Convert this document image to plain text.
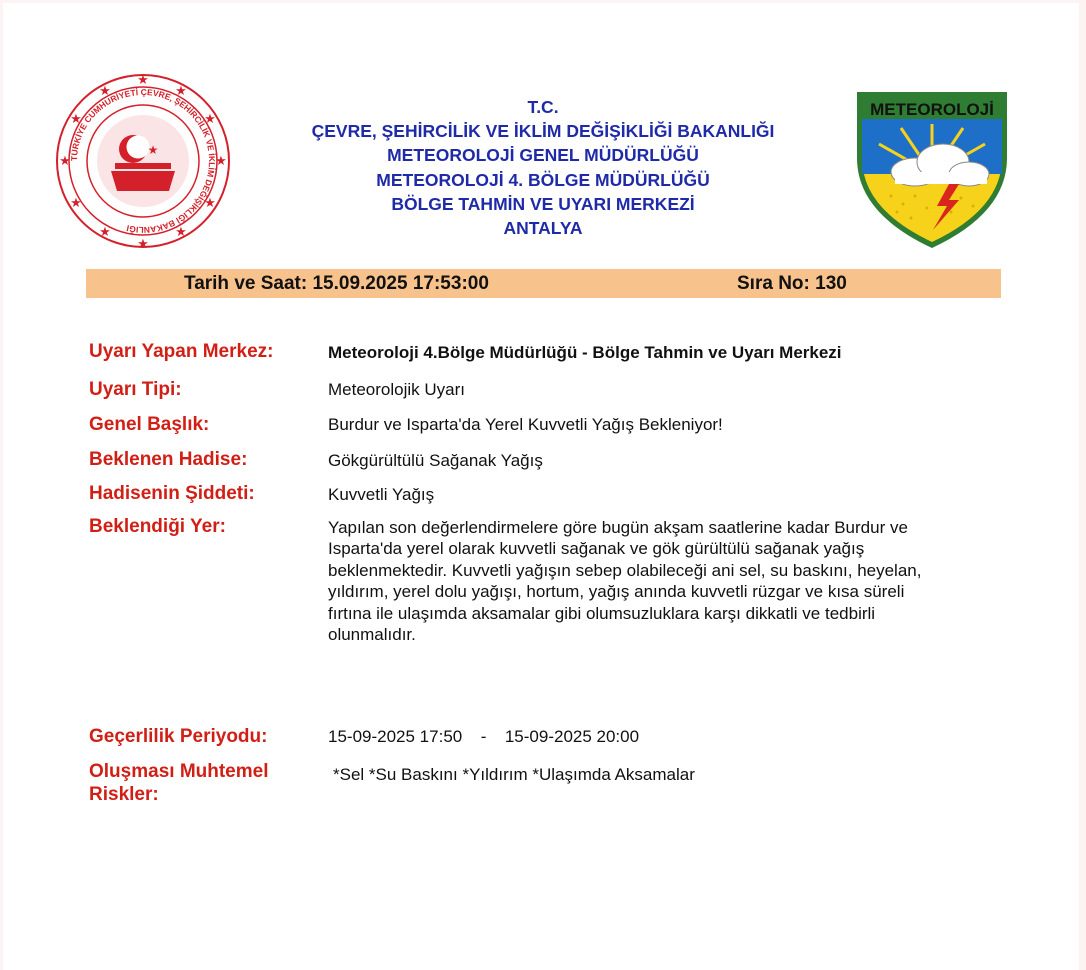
★
★
★
★
★
★
★
★
★
★
★
★
TÜRKİYE CUMHURİYETİ ÇEVRE, ŞEHİRCİLİK VE İKLİM DEĞİŞİKLİĞİ BAKANLIĞI
★
T.C.
ÇEVRE, ŞEHİRCİLİK VE İKLİM DEĞİŞİKLİĞİ BAKANLIĞI
METEOROLOJİ GENEL MÜDÜRLÜĞÜ
METEOROLOJİ 4. BÖLGE MÜDÜRLÜĞÜ
BÖLGE TAHMİN VE UYARI MERKEZİ
ANTALYA
METEOROLOJİ
Tarih ve Saat: 15.09.2025 17:53:00	Sıra No: 130
Uyarı Yapan Merkez:	Meteoroloji 4.Bölge Müdürlüğü - Bölge Tahmin ve Uyarı Merkezi
Uyarı Tipi:	Meteorolojik Uyarı
Genel Başlık:	Burdur ve Isparta'da Yerel Kuvvetli Yağış Bekleniyor!
Beklenen Hadise:	Gökgürültülü Sağanak Yağış
Hadisenin Şiddeti:	Kuvvetli Yağış
Beklendiği Yer:	Yapılan son değerlendirmelere göre bugün akşam saatlerine kadar Burdur ve
Isparta'da yerel olarak kuvvetli sağanak ve gök gürültülü sağanak yağış
beklenmektedir. Kuvvetli yağışın sebep olabileceği ani sel, su baskını, heyelan,
yıldırım, yerel dolu yağışı, hortum, yağış anında kuvvetli rüzgar ve kısa süreli
fırtına ile ulaşımda aksamalar gibi olumsuzluklara karşı dikkatli ve tedbirli
olunmalıdır.
Geçerlilik Periyodu:	15-09-2025 17:50 - 15-09-2025 20:00
Oluşması Muhtemel
Riskler:
*Sel *Su Baskını *Yıldırım *Ulaşımda Aksamalar
